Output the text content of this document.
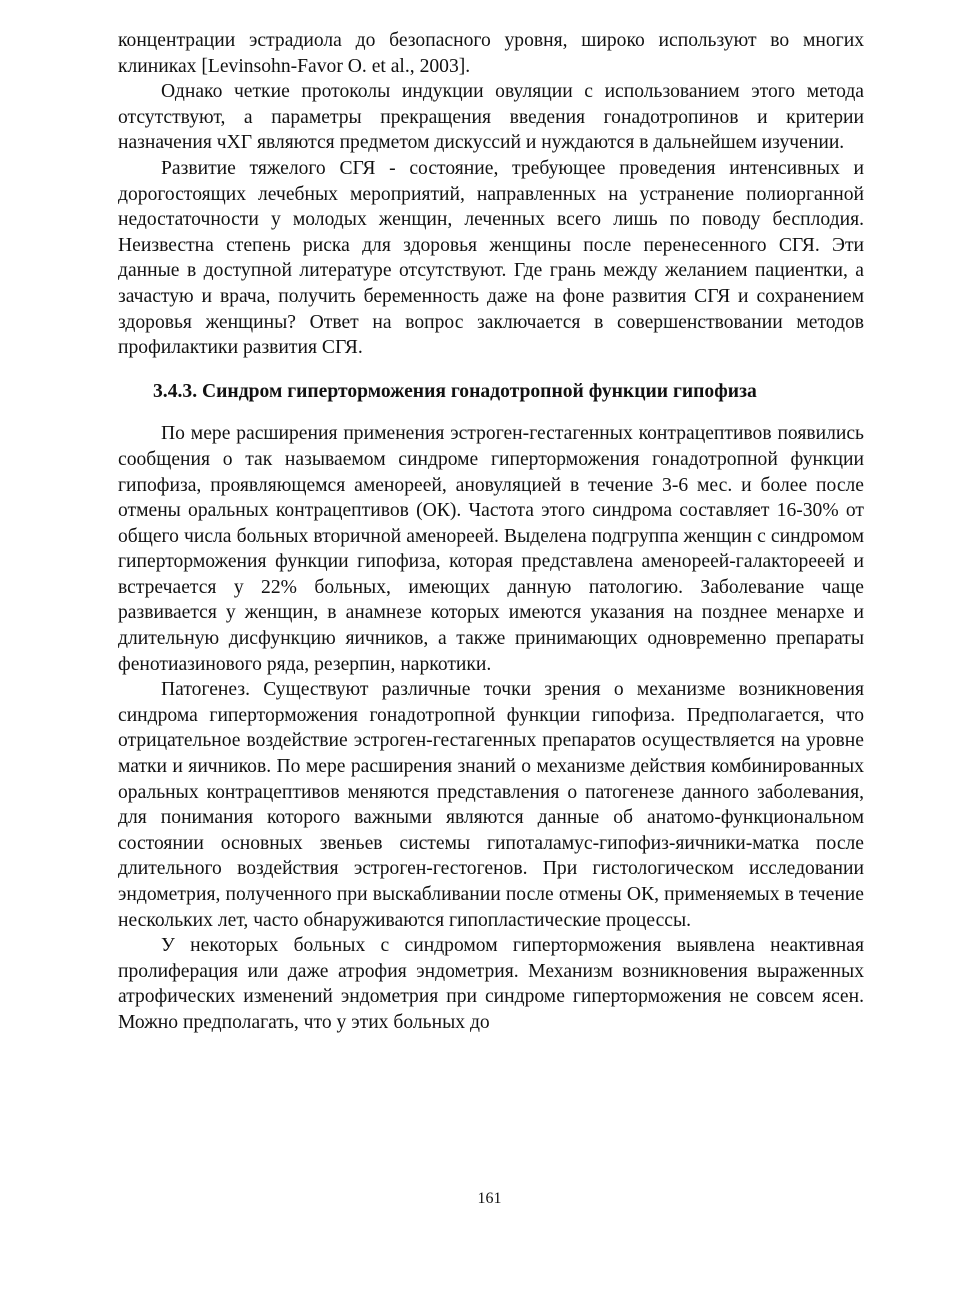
концентрации эстрадиола до безопасного уровня, широко используют во многих клиниках [Levinsohn-Favor O. et al., 2003].

Однако четкие протоколы индукции овуляции с использованием этого метода отсутствуют, а параметры прекращения введения гонадотропинов и критерии назначения чХГ являются предметом дискуссий и нуждаются в дальнейшем изучении.

Развитие тяжелого СГЯ - состояние, требующее проведения интенсивных и дорогостоящих лечебных мероприятий, направленных на устранение полиорганной недостаточности у молодых женщин, леченных всего лишь по поводу бесплодия. Неизвестна степень риска для здоровья женщины после перенесенного СГЯ. Эти данные в доступной литературе отсутствуют. Где грань между желанием пациентки, а зачастую и врача, получить беременность даже на фоне развития СГЯ и сохранением здоровья женщины? Ответ на вопрос заключается в совершенствовании методов профилактики развития СГЯ.

3.4.3. Синдром гиперторможения гонадотропной функции гипофиза

По мере расширения применения эстроген-гестагенных контрацептивов появились сообщения о так называемом синдроме гиперторможения гонадотропной функции гипофиза, проявляющемся аменореей, ановуляцией в течение 3-6 мес. и более после отмены оральных контрацептивов (ОК). Частота этого синдрома составляет 16-30% от общего числа больных вторичной аменореей. Выделена подгруппа женщин с синдромом гиперторможения функции гипофиза, которая представлена аменореей-галакторееей и встречается у 22% больных, имеющих данную патологию. Заболевание чаще развивается у женщин, в анамнезе которых имеются указания на позднее менархе и длительную дисфункцию яичников, а также принимающих одновременно препараты фенотиазинового ряда, резерпин, наркотики.

Патогенез. Существуют различные точки зрения о механизме возникновения синдрома гиперторможения гонадотропной функции гипофиза. Предполагается, что отрицательное воздействие эстроген-гестагенных препаратов осуществляется на уровне матки и яичников. По мере расширения знаний о механизме действия комбинированных оральных контрацептивов меняются представления о патогенезе данного заболевания, для понимания которого важными являются данные об анатомо-функциональном состоянии основных звеньев системы гипоталамус-гипофиз-яичники-матка после длительного воздействия эстроген-гестогенов. При гистологическом исследовании эндометрия, полученного при выскабливании после отмены ОК, применяемых в течение нескольких лет, часто обнаруживаются гипопластические процессы.

У некоторых больных с синдромом гиперторможения выявлена неактивная пролиферация или даже атрофия эндометрия. Механизм возникновения выраженных атрофических изменений эндометрия при синдроме гиперторможения не совсем ясен. Можно предполагать, что у этих больных до

161
